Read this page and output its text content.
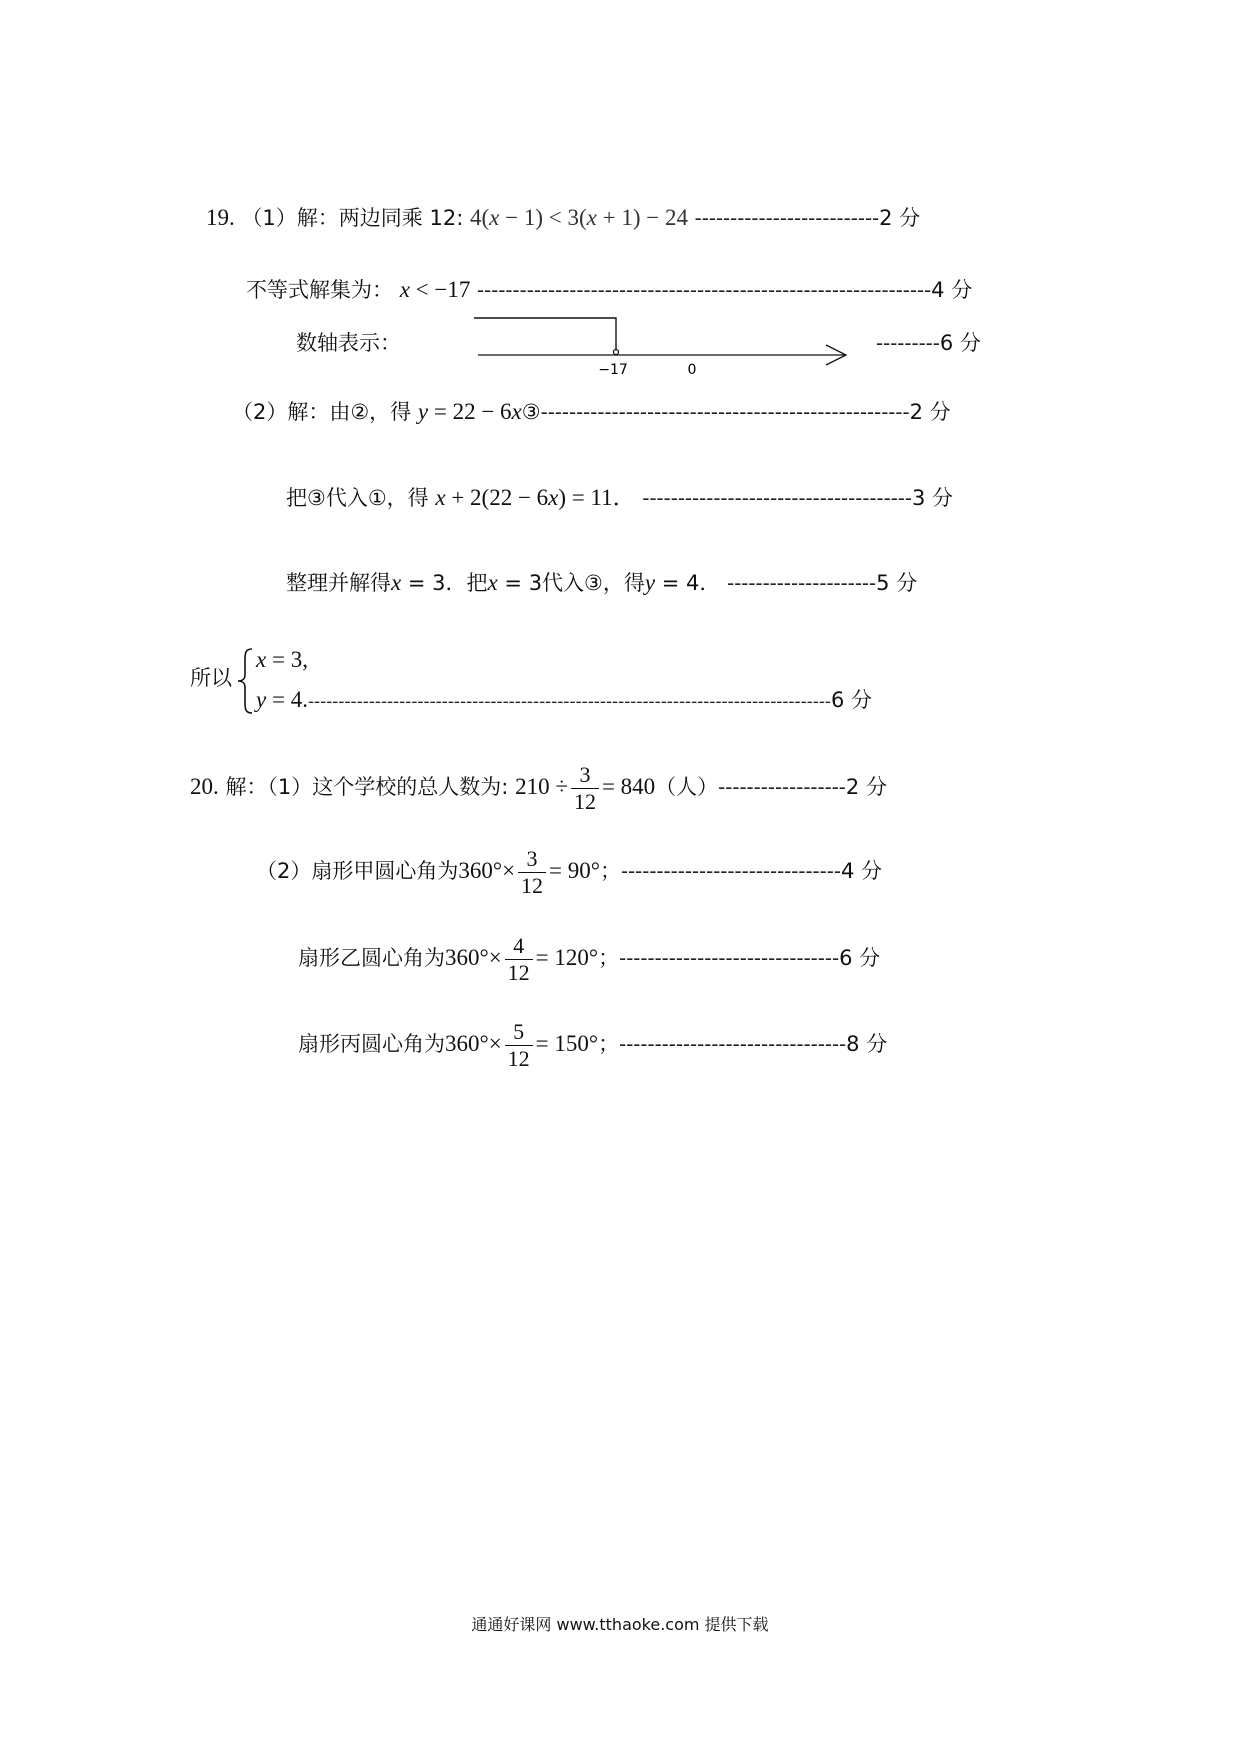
19. （1）解：两边同乘 12: 4(x − 1) < 3(x + 1) − 24 --------------------------2 分
不等式解集为： x < −17 ----------------------------------------------------------------4 分
数轴表示：
−17	0
---------6 分
（2）解：由②，得 y = 22 − 6x③----------------------------------------------------2 分
把③代入①，得 x + 2(22 − 6x) = 11． --------------------------------------3 分
整理并解得x = 3．把x = 3代入③，得y = 4． ---------------------5 分
所以
x = 3,
y = 4.--------------------------------------------------------------------------------------6 分
20. 解：（1）这个学校的总人数为: $210 \div \frac{3}{12} = 840$（人）------------------2 分
（2）扇形甲圆心角为$360^\circ\times \frac{3}{12} = 90^\circ$；-------------------------------4 分
扇形乙圆心角为$360^\circ\times \frac{4}{12} = 120^\circ$；-------------------------------6 分
扇形丙圆心角为$360^\circ\times \frac{5}{12} = 150^\circ$；--------------------------------8 分
通通好课网 www.tthaoke.com 提供下载
